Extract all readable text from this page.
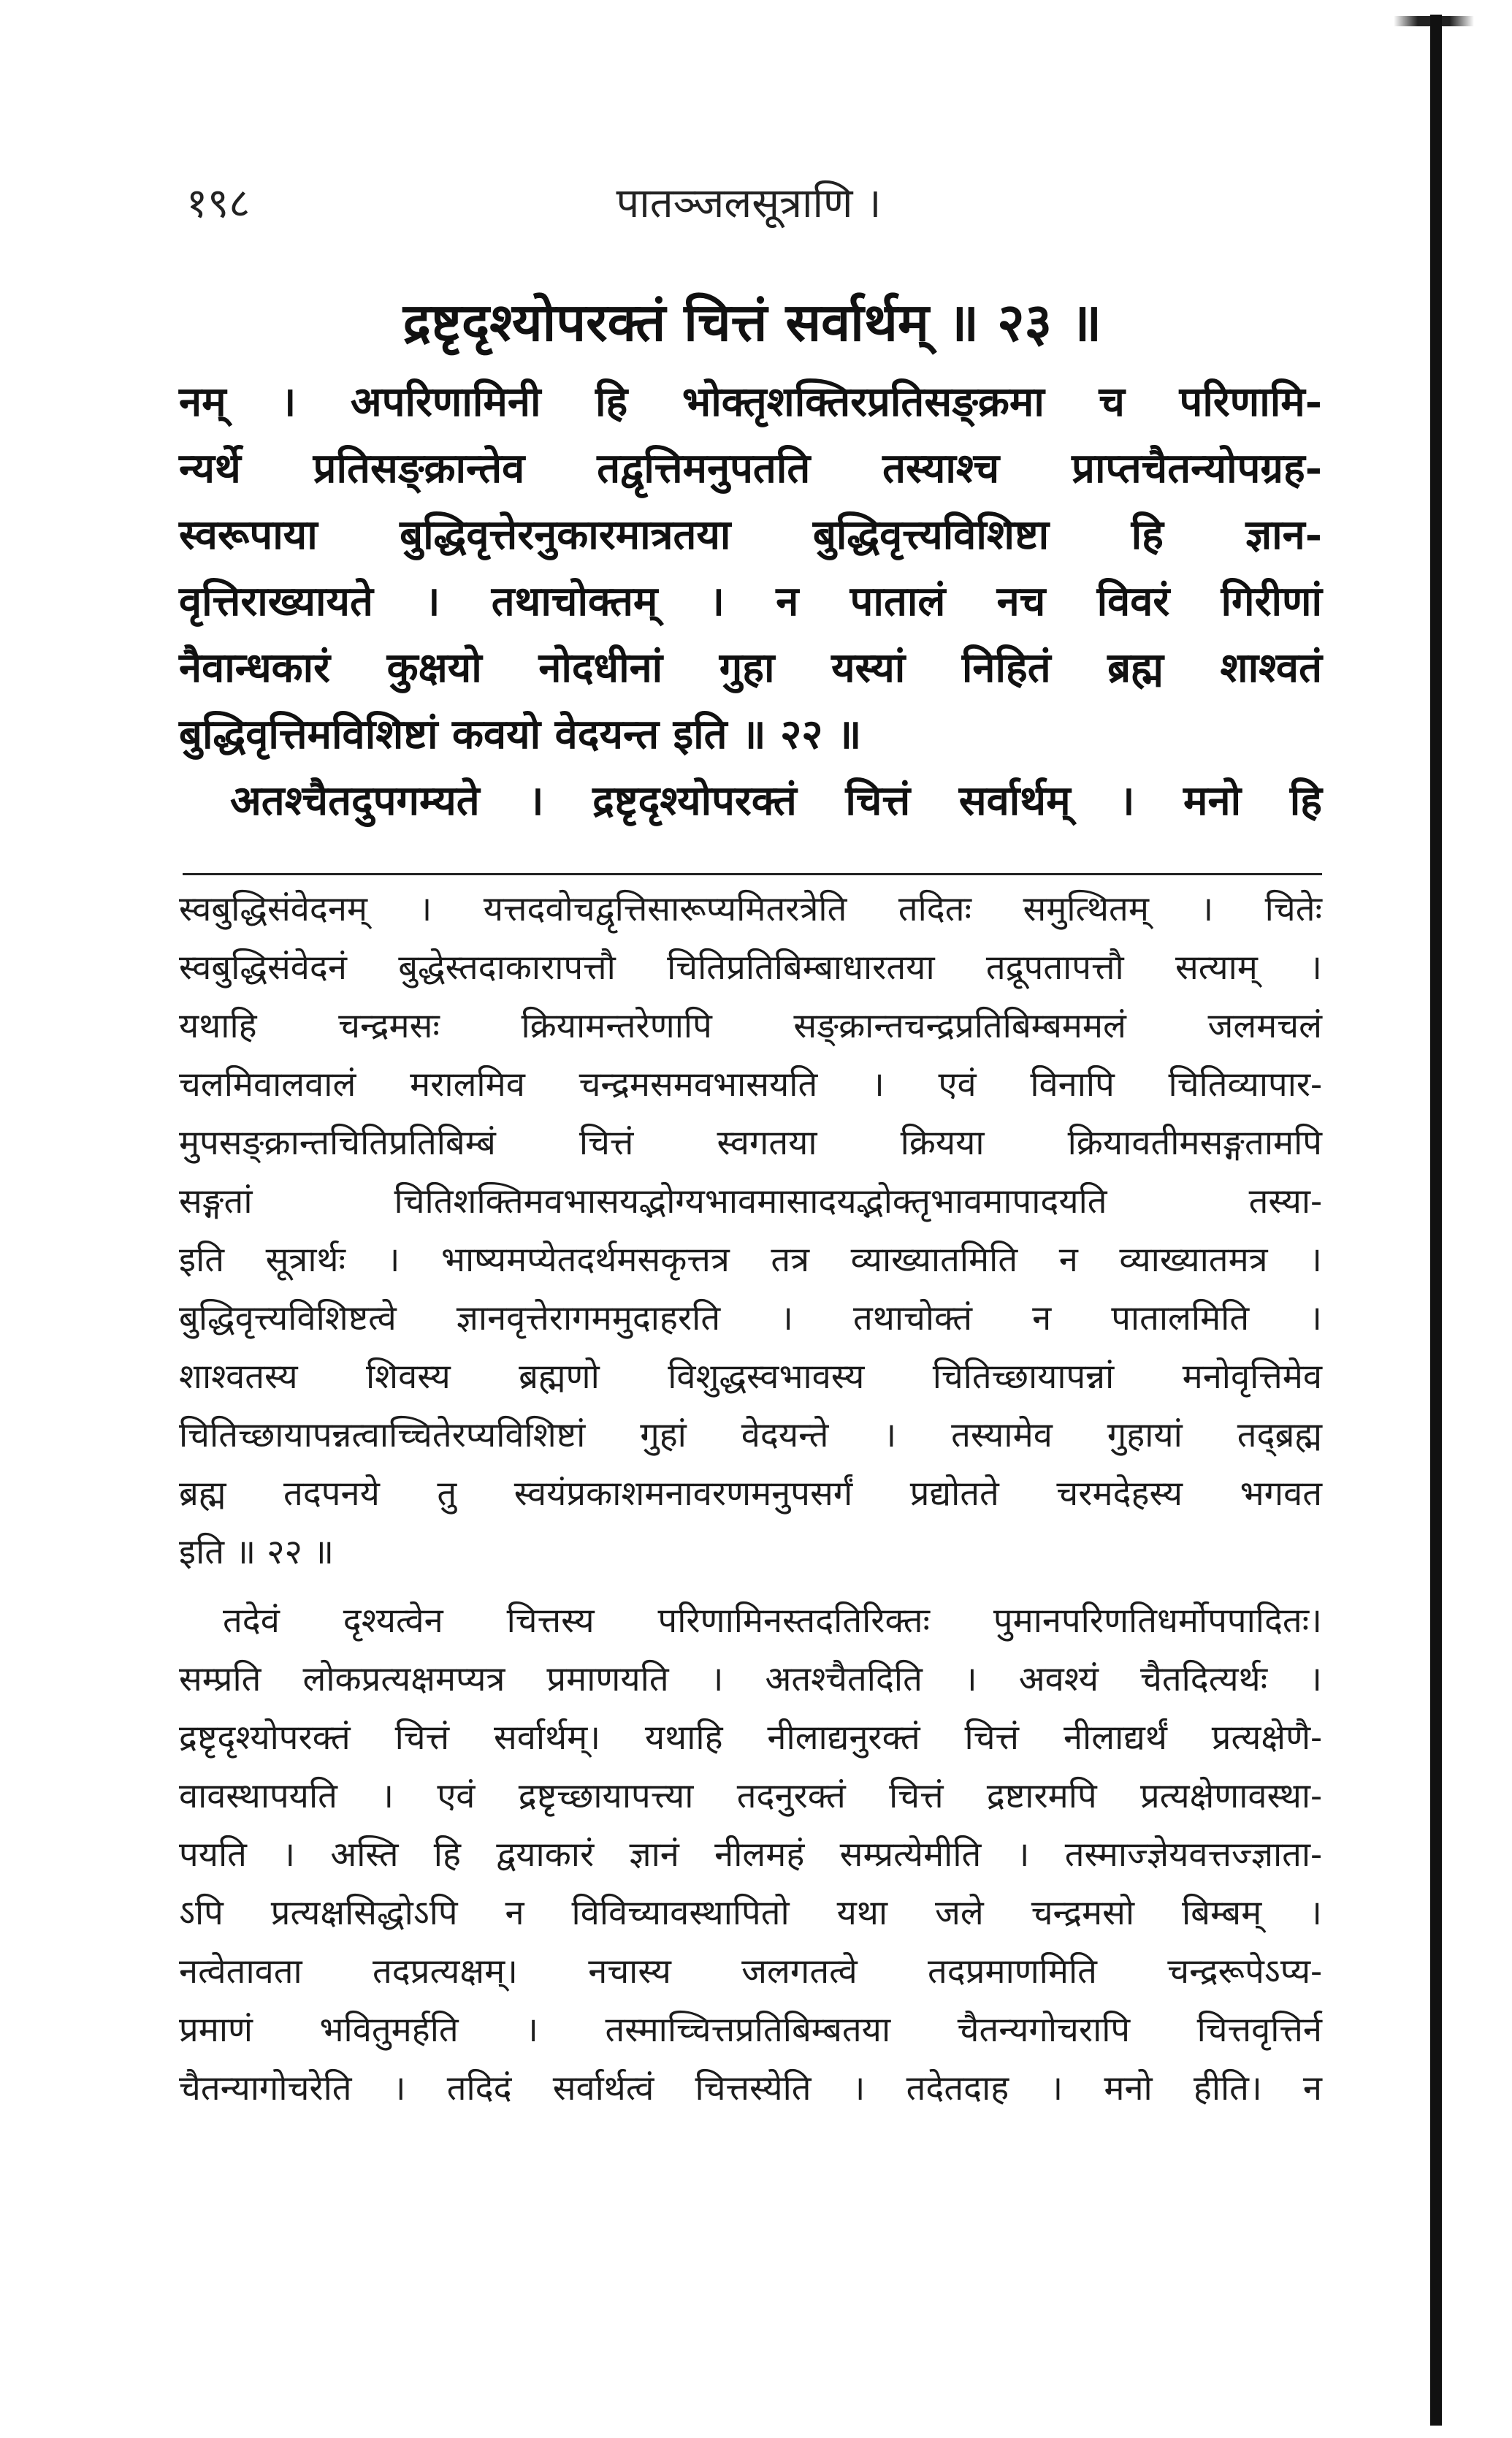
१९८	पातञ्जलसूत्राणि ।
द्रष्टृदृश्योपरक्तं चित्तं सर्वार्थम् ॥ २३ ॥
नम् । अपरिणामिनी हि भोक्तृशक्तिरप्रतिसङ्क्रमा च परिणामि-
न्यर्थे प्रतिसङ्क्रान्तेव तद्वृत्तिमनुपतति तस्याश्च प्राप्तचैतन्योपग्रह-
स्वरूपाया बुद्धिवृत्तेरनुकारमात्रतया बुद्धिवृत्त्यविशिष्टा हि ज्ञान-
वृत्तिराख्यायते । तथाचोक्तम् । न पातालं नच विवरं गिरीणां
नैवान्धकारं कुक्षयो नोदधीनां गुहा यस्यां निहितं ब्रह्म शाश्वतं
बुद्धिवृत्तिमविशिष्टां कवयो वेदयन्त इति ॥ २२ ॥
अतश्चैतदुपगम्यते । द्रष्टृदृश्योपरक्तं चित्तं सर्वार्थम् । मनो हि
स्वबुद्धिसंवेदनम् । यत्तदवोचद्वृत्तिसारूप्यमितरत्रेति तदितः समुत्थितम् । चितेः
स्वबुद्धिसंवेदनं बुद्धेस्तदाकारापत्तौ चितिप्रतिबिम्बाधारतया तद्रूपतापत्तौ सत्याम् ।
यथाहि चन्द्रमसः क्रियामन्तरेणापि सङ्क्रान्तचन्द्रप्रतिबिम्बममलं जलमचलं
चलमिवालवालं मरालमिव चन्द्रमसमवभासयति । एवं विनापि चितिव्यापार-
मुपसङ्क्रान्तचितिप्रतिबिम्बं चित्तं स्वगतया क्रियया क्रियावतीमसङ्गतामपि
सङ्गतां चितिशक्तिमवभासयद्भोग्यभावमासादयद्भोक्तृभावमापादयति तस्या-
इति सूत्रार्थः । भाष्यमप्येतदर्थमसकृत्तत्र तत्र व्याख्यातमिति न व्याख्यातमत्र ।
बुद्धिवृत्त्यविशिष्टत्वे ज्ञानवृत्तेरागममुदाहरति । तथाचोक्तं न पातालमिति ।
शाश्वतस्य शिवस्य ब्रह्मणो विशुद्धस्वभावस्य चितिच्छायापन्नां मनोवृत्तिमेव
चितिच्छायापन्नत्वाच्चितेरप्यविशिष्टां गुहां वेदयन्ते । तस्यामेव गुहायां तद्ब्रह्म
ब्रह्म तदपनये तु स्वयंप्रकाशमनावरणमनुपसर्गं प्रद्योतते चरमदेहस्य भगवत
इति ॥ २२ ॥
तदेवं दृश्यत्वेन चित्तस्य परिणामिनस्तदतिरिक्तः पुमानपरिणतिधर्मोपपादितः।
सम्प्रति लोकप्रत्यक्षमप्यत्र प्रमाणयति । अतश्चैतदिति । अवश्यं चैतदित्यर्थः ।
द्रष्टृदृश्योपरक्तं चित्तं सर्वार्थम्। यथाहि नीलाद्यनुरक्तं चित्तं नीलाद्यर्थं प्रत्यक्षेणै-
वावस्थापयति । एवं द्रष्टृच्छायापत्त्या तदनुरक्तं चित्तं द्रष्टारमपि प्रत्यक्षेणावस्था-
पयति । अस्ति हि द्वयाकारं ज्ञानं नीलमहं सम्प्रत्येमीति । तस्माज्ज्ञेयवत्तज्ज्ञाता-
ऽपि प्रत्यक्षसिद्धोऽपि न विविच्यावस्थापितो यथा जले चन्द्रमसो बिम्बम् ।
नत्वेतावता तदप्रत्यक्षम्। नचास्य जलगतत्वे तदप्रमाणमिति चन्द्ररूपेऽप्य-
प्रमाणं भवितुमर्हति । तस्माच्चित्तप्रतिबिम्बतया चैतन्यगोचरापि चित्तवृत्तिर्न
चैतन्यागोचरेति । तदिदं सर्वार्थत्वं चित्तस्येति । तदेतदाह । मनो हीति। न
